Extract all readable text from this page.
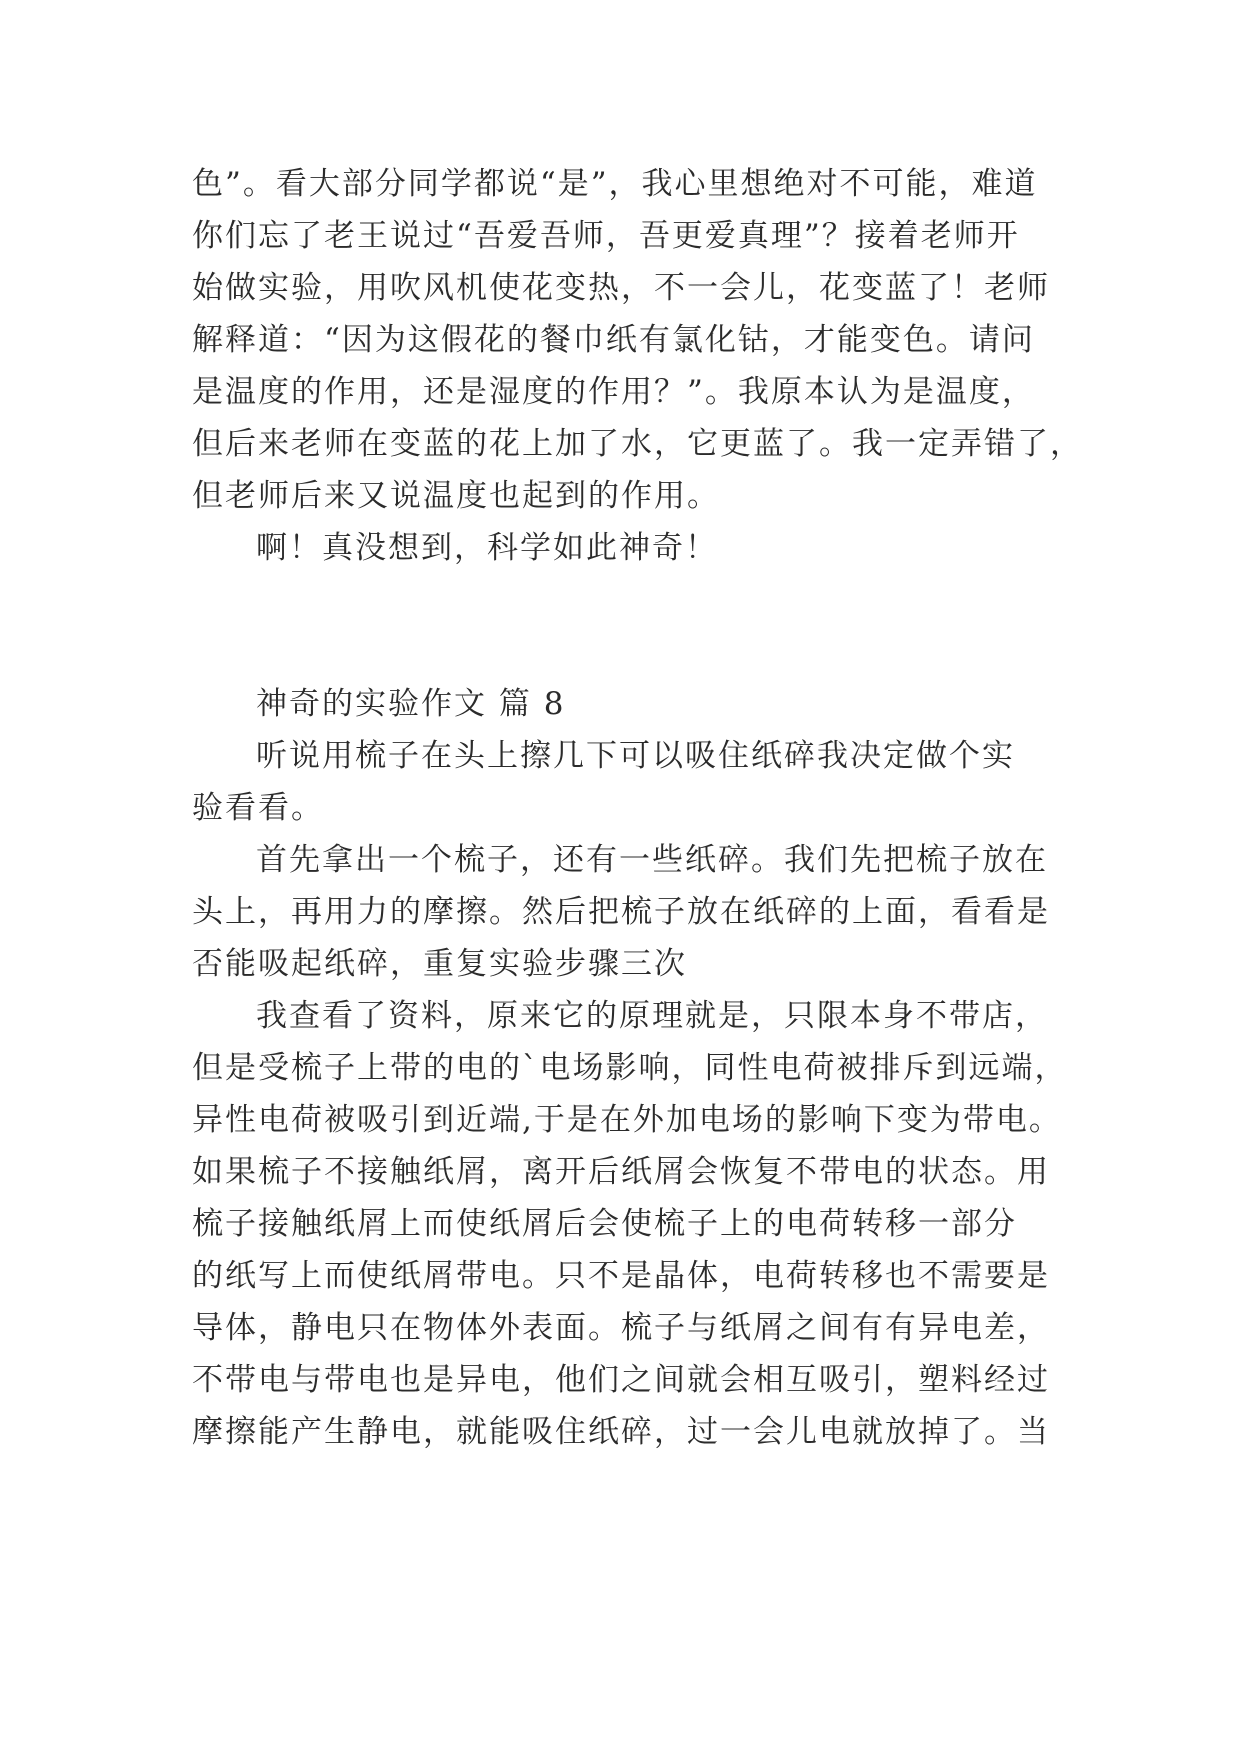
色”。看大部分同学都说“是”，我心里想绝对不可能，难道
你们忘了老王说过“吾爱吾师，吾更爱真理”？接着老师开
始做实验，用吹风机使花变热，不一会儿，花变蓝了！老师
解释道：“因为这假花的餐巾纸有氯化钴，才能变色。请问
是温度的作用，还是湿度的作用？”。我原本认为是温度，
但后来老师在变蓝的花上加了水，它更蓝了。我一定弄错了，
但老师后来又说温度也起到的作用。

啊！真没想到，科学如此神奇！

神奇的实验作文 篇 8

听说用梳子在头上擦几下可以吸住纸碎我决定做个实
验看看。

首先拿出一个梳子，还有一些纸碎。我们先把梳子放在
头上，再用力的摩擦。然后把梳子放在纸碎的上面，看看是
否能吸起纸碎，重复实验步骤三次

我查看了资料，原来它的原理就是，只限本身不带店，
但是受梳子上带的电的`电场影响，同性电荷被排斥到远端，
异性电荷被吸引到近端,于是在外加电场的影响下变为带电。
如果梳子不接触纸屑，离开后纸屑会恢复不带电的状态。用
梳子接触纸屑上而使纸屑后会使梳子上的电荷转移一部分
的纸写上而使纸屑带电。只不是晶体，电荷转移也不需要是
导体，静电只在物体外表面。梳子与纸屑之间有有异电差，
不带电与带电也是异电，他们之间就会相互吸引，塑料经过
摩擦能产生静电，就能吸住纸碎，过一会儿电就放掉了。当
